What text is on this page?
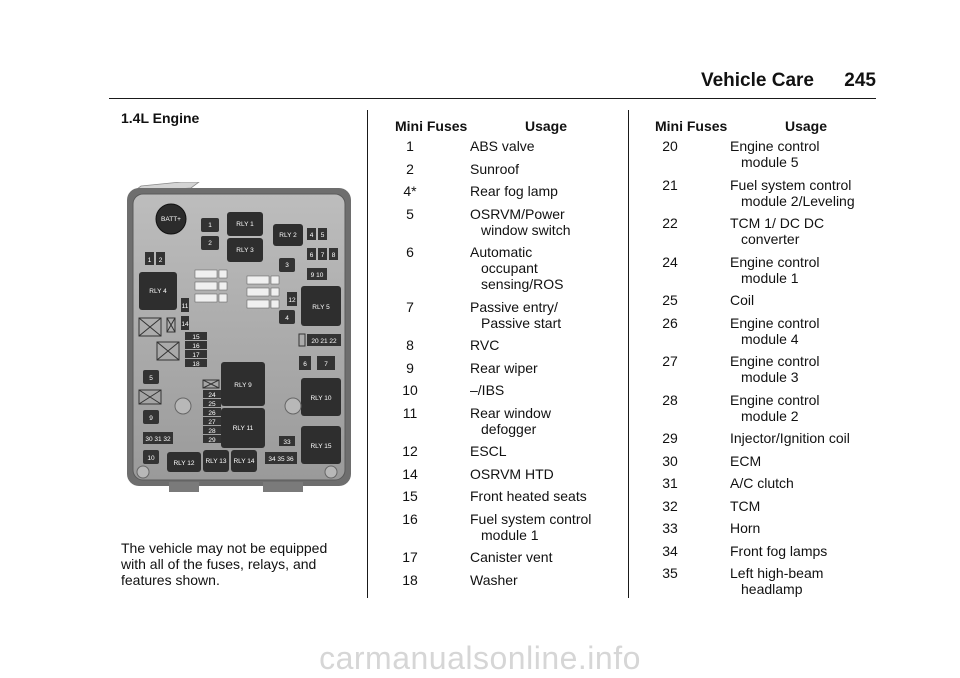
Vehicle Care 245
1.4L Engine
BATT+
1
2
RLY 1
RLY 3
RLY 2 4 5
6 7 8
9 10
3
1 2
RLY 4
12
4
RLY 5
11
14
15
16
17
18
20 21 22
6	7
RLY 10
RLY 15
5
9
RLY 9
24
25
26
27
28
29
RLY 11
30 31 32
10
RLY 12 RLY 13 RLY 14
33
34 35 36
The vehicle may not be equipped with all of the fuses, relays, and features shown.
Mini Fuses	Usage
1	ABS valve
2	Sunroof
4*	Rear fog lamp
5	OSRVM/Power
window switch
6	Automatic
occupant
sensing/ROS
7	Passive entry/
Passive start
8	RVC
9	Rear wiper
10	–/IBS
11	Rear window
defogger
12	ESCL
14	OSRVM HTD
15	Front heated seats
16	Fuel system control
module 1
17	Canister vent
18	Washer
Mini Fuses	Usage
20	Engine control
module 5
21	Fuel system control
module 2/Leveling
22	TCM 1/ DC DC
converter
24	Engine control
module 1
25	Coil
26	Engine control
module 4
27	Engine control
module 3
28	Engine control
module 2
29	Injector/Ignition coil
30	ECM
31	A/C clutch
32	TCM
33	Horn
34	Front fog lamps
35	Left high-beam
headlamp
carmanualsonline.info
